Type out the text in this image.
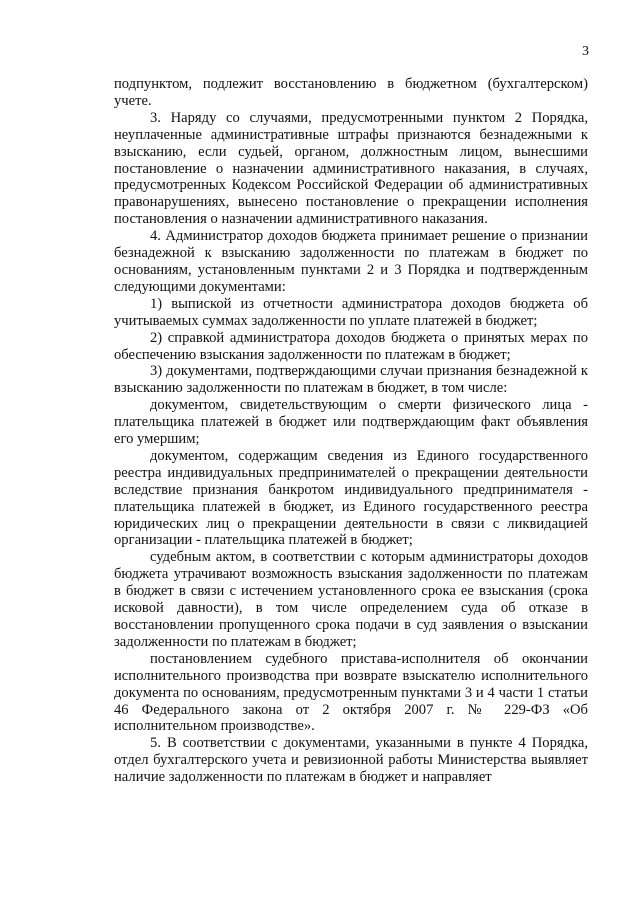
3

подпунктом, подлежит восстановлению в бюджетном (бухгалтерском) учете.

3. Наряду со случаями, предусмотренными пунктом 2 Порядка, неуплаченные административные штрафы признаются безнадежными к взысканию, если судьей, органом, должностным лицом, вынесшими постановление о назначении административного наказания, в случаях, предусмотренных Кодексом Российской Федерации об административных правонарушениях, вынесено постановление о прекращении исполнения постановления о назначении административного наказания.

4. Администратор доходов бюджета принимает решение о признании безнадежной к взысканию задолженности по платежам в бюджет по основаниям, установленным пунктами 2 и 3 Порядка и подтвержденным следующими документами:

1) выпиской из отчетности администратора доходов бюджета об учитываемых суммах задолженности по уплате платежей в бюджет;

2) справкой администратора доходов бюджета о принятых мерах по обеспечению взыскания задолженности по платежам в бюджет;

3) документами, подтверждающими случаи признания безнадежной к взысканию задолженности по платежам в бюджет, в том числе:

документом, свидетельствующим о смерти физического лица - плательщика платежей в бюджет или подтверждающим факт объявления его умершим;

документом, содержащим сведения из Единого государственного реестра индивидуальных предпринимателей о прекращении деятельности вследствие признания банкротом индивидуального предпринимателя - плательщика платежей в бюджет, из Единого государственного реестра юридических лиц о прекращении деятельности в связи с ликвидацией организации - плательщика платежей в бюджет;

судебным актом, в соответствии с которым администраторы доходов бюджета утрачивают возможность взыскания задолженности по платежам в бюджет в связи с истечением установленного срока ее взыскания (срока исковой давности), в том числе определением суда об отказе в восстановлении пропущенного срока подачи в суд заявления о взыскании задолженности по платежам в бюджет;

постановлением судебного пристава-исполнителя об окончании исполнительного производства при возврате взыскателю исполнительного документа по основаниям, предусмотренным пунктами 3 и 4 части 1 статьи 46 Федерального закона от 2 октября 2007 г. № 229-ФЗ «Об исполнительном производстве».

5. В соответствии с документами, указанными в пункте 4 Порядка, отдел бухгалтерского учета и ревизионной работы Министерства выявляет наличие задолженности по платежам в бюджет и направляет
